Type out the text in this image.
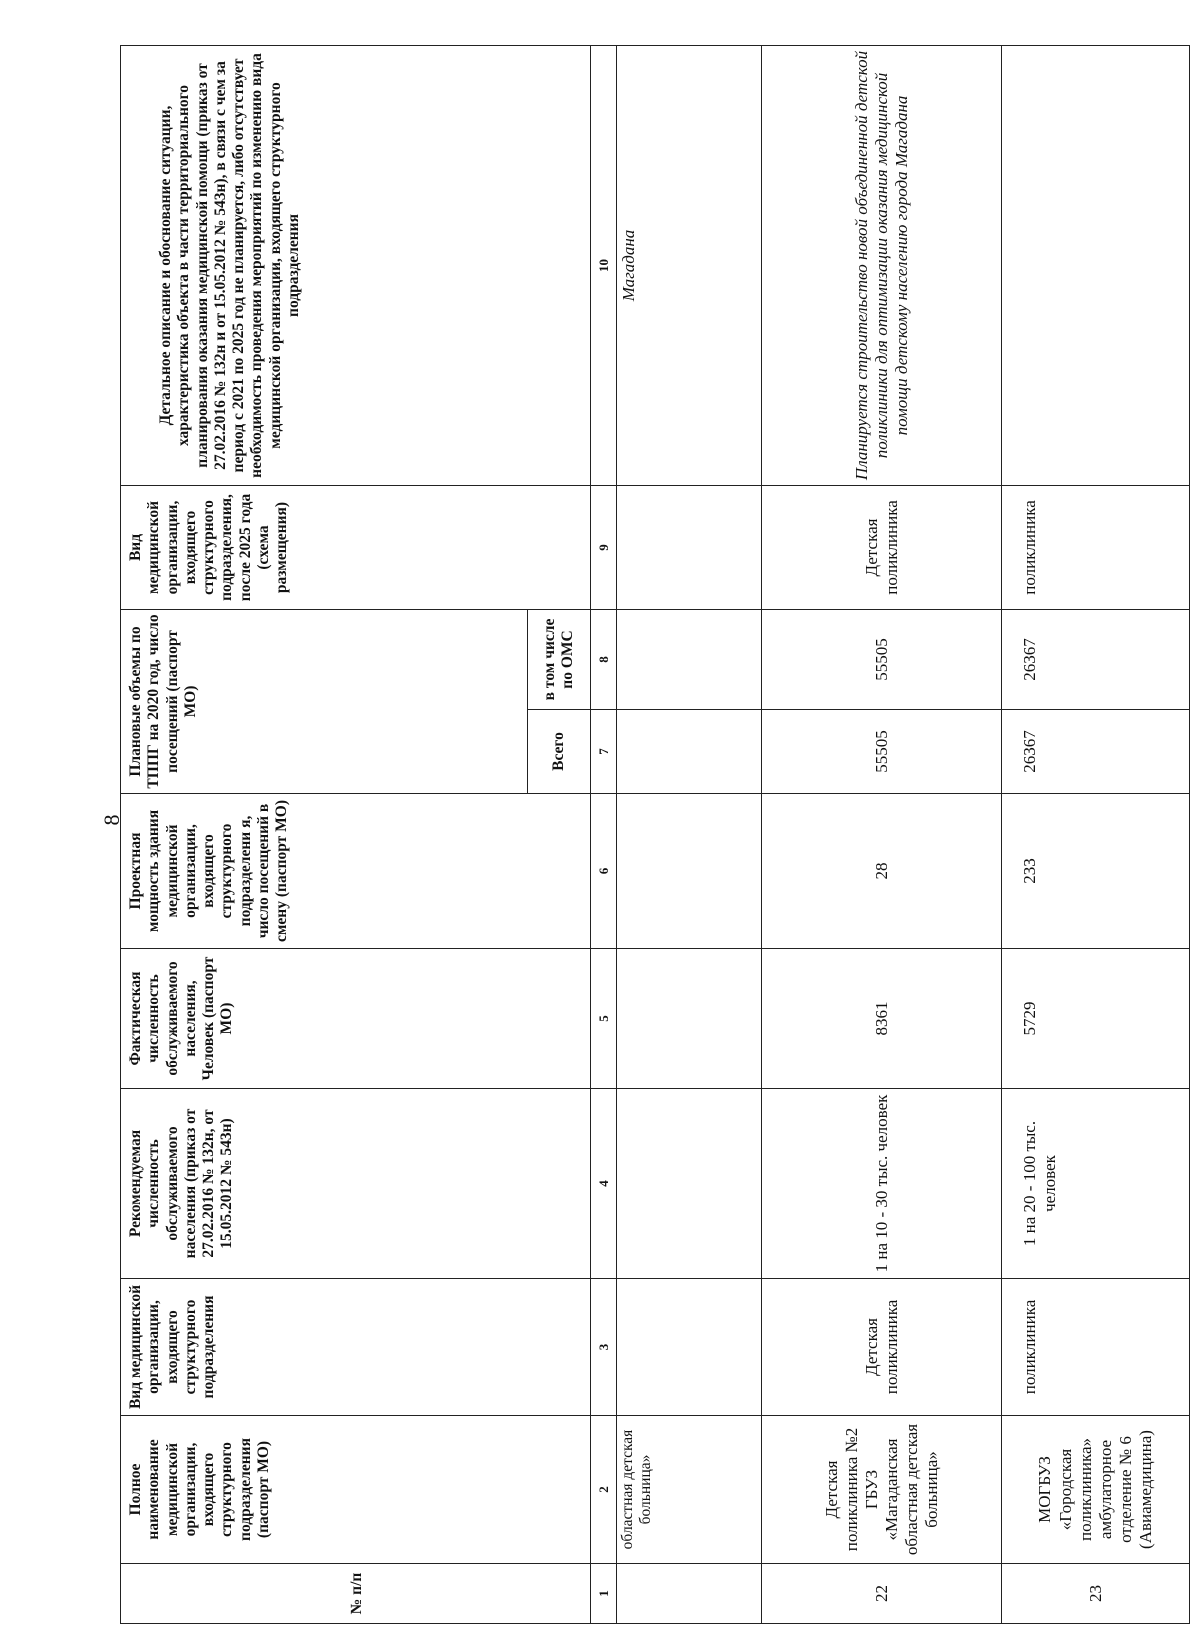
8
№ п/п	Полное наименование медицинской организации, входящего структурного подразделения (паспорт МО)	Вид медицинской организации, входящего структурного подразделения	Рекомендуемая численность обслуживаемого населения (приказ от 27.02.2016 № 132н, от 15.05.2012 № 543н)	Фактическая численность обслуживаемого населения, Человек (паспорт МО)	Проектная мощность здания медицинской организации, входящего структурного подразделени я, число посещений в смену (паспорт МО)	Плановые объемы по ТППГ на 2020 год, число посещений (паспорт МО)		Вид медицинской организации, входящего структурного подразделения, после 2025 года (схема размещения)	Детальное описание и обоснование ситуации, характеристика объекта в части территориального планирования оказания медицинской помощи (приказ от 27.02.2016 № 132н и от 15.05.2012 № 543н), в связи с чем за период с 2021 по 2025 год не планируется, либо отсутствует необходимость проведения мероприятий по изменению вида медицинской организации, входящего структурного подразделения
						Всего	в том числе по ОМС		
1	2	3	4	5	6	7	8	9	10
	областная детская больница»								Магадана
22	Детская поликлиника №2 ГБУЗ «Магаданская областная детская больница»	Детская поликлиника	1 на 10 - 30 тыс. человек	8361	28	55505	55505	Детская поликлиника	Планируется строительство новой объединенной детской поликлиники для оптимизации оказания медицинской помощи детскому населению города Магадана
23	МОГБУЗ «Городская поликлиника» амбулаторное отделение № 6 (Авиамедицина)	поликлиника	1 на 20 - 100 тыс. человек	5729	233	26367	26367	поликлиника	
